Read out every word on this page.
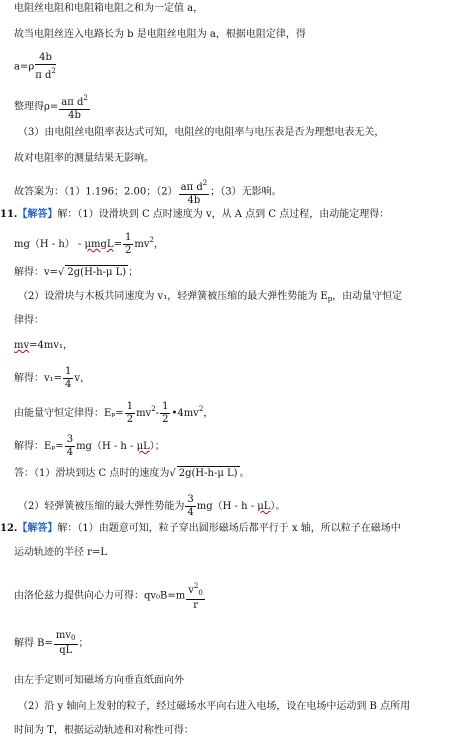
电阻丝电阻和电阻箱电阻之和为一定值 a，
故当电阻丝连入电路长为 b 是电阻丝电阻为 a，根据电阻定律，得
$a=\rho \frac{4b}{\pi d^2}$
整理得$\rho= \frac{a\pi d^2}{4b}$
（3）由电阻丝电阻率表达式可知，电阻丝的电阻率与电压表是否为理想电表无关，
故对电阻率的测量结果无影响。
故答案为：（1）1.196；2.00；$(2) \frac{a\pi d^2}{4b}$ ；（3）无影响。
11.【解答】解：（1）设滑块到 C 点时速度为 v，从 A 点到 C 点过程，由动能定理得：
$mg(H - h) - \mu mgL= \frac{1}{2} mv^2$，
解得：v=√ 2g(H-h-μ L) ；
（2）设滑块与木板共同速度为 v₁，轻弹簧被压缩的最大弹性势能为 $E_p$，由动量守恒定
律得：
mv=4mv₁，
解得：$v_1= \frac{1}{4}$ v，
由能量守恒定律得：$E_p= \frac{1}{2} mv^2- \frac{1}{2}$ $•4mv^2$，
解得：$E_p= \frac{3}{4} mg(H - h - \mu L)$；
答：（1）滑块到达 C 点时的速度为√ 2g(H-h-μ L) 。
（2）轻弹簧被压缩的最大弹性势能为 $\frac{3}{4} mg(H$ - h - μL）。
12.【解答】解：（1）由题意可知，粒子穿出圆形磁场后都平行于 x 轴，所以粒子在磁场中
运动轨迹的半径 r=L
由洛伦兹力提供向心力可得：$qv_0B=m \frac{v^2_0}{r}$
解得 $B= \frac{mv_0}{qL}$ ；
由左手定则可知磁场方向垂直纸面向外
（2）沿 y 轴向上发射的粒子，经过磁场水平向右进入电场，设在电场中运动到 B 点所用
时间为 T，根据运动轨迹和对称性可得：
